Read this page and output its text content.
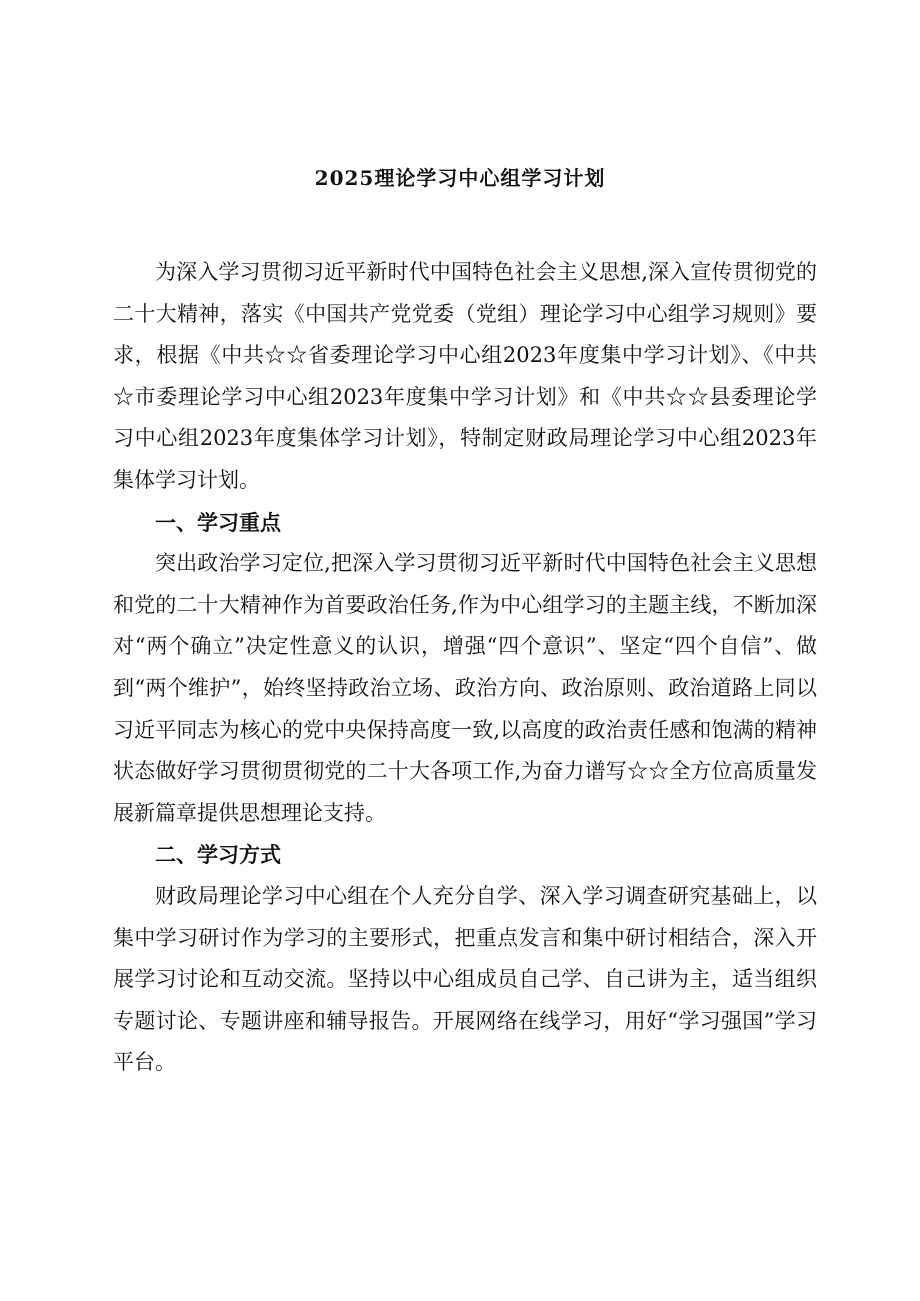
2025理论学习中心组学习计划

为深入学习贯彻习近平新时代中国特色社会主义思想,深入宣传贯彻党的二十大精神，落实《中国共产党党委（党组）理论学习中心组学习规则》要求，根据《中共☆☆省委理论学习中心组2023年度集中学习计划》、《中共☆市委理论学习中心组2023年度集中学习计划》和《中共☆☆县委理论学习中心组2023年度集体学习计划》，特制定财政局理论学习中心组2023年集体学习计划。

一、学习重点

突出政治学习定位,把深入学习贯彻习近平新时代中国特色社会主义思想和党的二十大精神作为首要政治任务,作为中心组学习的主题主线，不断加深对“两个确立”决定性意义的认识，增强“四个意识”、坚定“四个自信”、做到“两个维护”，始终坚持政治立场、政治方向、政治原则、政治道路上同以习近平同志为核心的党中央保持高度一致,以高度的政治责任感和饱满的精神状态做好学习贯彻贯彻党的二十大各项工作,为奋力谱写☆☆全方位高质量发展新篇章提供思想理论支持。

二、学习方式

财政局理论学习中心组在个人充分自学、深入学习调查研究基础上，以集中学习研讨作为学习的主要形式，把重点发言和集中研讨相结合，深入开展学习讨论和互动交流。坚持以中心组成员自己学、自己讲为主，适当组织专题讨论、专题讲座和辅导报告。开展网络在线学习，用好“学习强国”学习平台。
